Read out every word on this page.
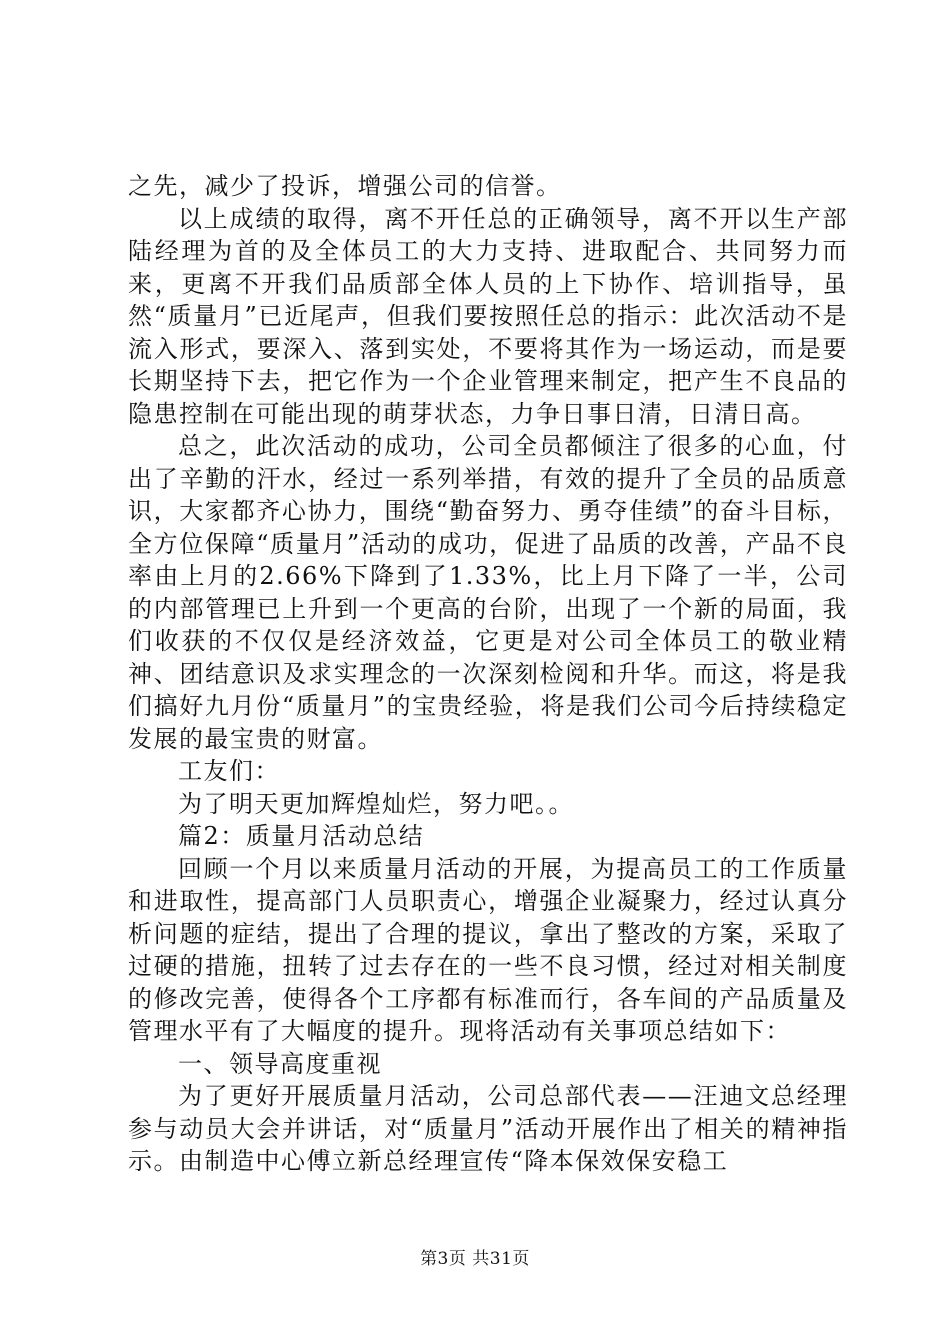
之先，减少了投诉，增强公司的信誉。

以上成绩的取得，离不开任总的正确领导，离不开以生产部陆经理为首的及全体员工的大力支持、进取配合、共同努力而来，更离不开我们品质部全体人员的上下协作、培训指导，虽然“质量月”已近尾声，但我们要按照任总的指示：此次活动不是流入形式，要深入、落到实处，不要将其作为一场运动，而是要长期坚持下去，把它作为一个企业管理来制定，把产生不良品的隐患控制在可能出现的萌芽状态，力争日事日清，日清日高。

总之，此次活动的成功，公司全员都倾注了很多的心血，付出了辛勤的汗水，经过一系列举措，有效的提升了全员的品质意识，大家都齐心协力，围绕“勤奋努力、勇夺佳绩”的奋斗目标，全方位保障“质量月”活动的成功，促进了品质的改善，产品不良率由上月的2.66%下降到了1.33%，比上月下降了一半，公司的内部管理已上升到一个更高的台阶，出现了一个新的局面，我们收获的不仅仅是经济效益，它更是对公司全体员工的敬业精神、团结意识及求实理念的一次深刻检阅和升华。而这，将是我们搞好九月份“质量月”的宝贵经验，将是我们公司今后持续稳定发展的最宝贵的财富。

工友们：

为了明天更加辉煌灿烂，努力吧。。

篇2：质量月活动总结

回顾一个月以来质量月活动的开展，为提高员工的工作质量和进取性，提高部门人员职责心，增强企业凝聚力，经过认真分析问题的症结，提出了合理的提议，拿出了整改的方案，采取了过硬的措施，扭转了过去存在的一些不良习惯，经过对相关制度的修改完善，使得各个工序都有标准而行，各车间的产品质量及管理水平有了大幅度的提升。现将活动有关事项总结如下：

一、领导高度重视

为了更好开展质量月活动，公司总部代表——汪迪文总经理参与动员大会并讲话，对“质量月”活动开展作出了相关的精神指示。由制造中心傅立新总经理宣传“降本保效保安稳工

第3页 共31页
